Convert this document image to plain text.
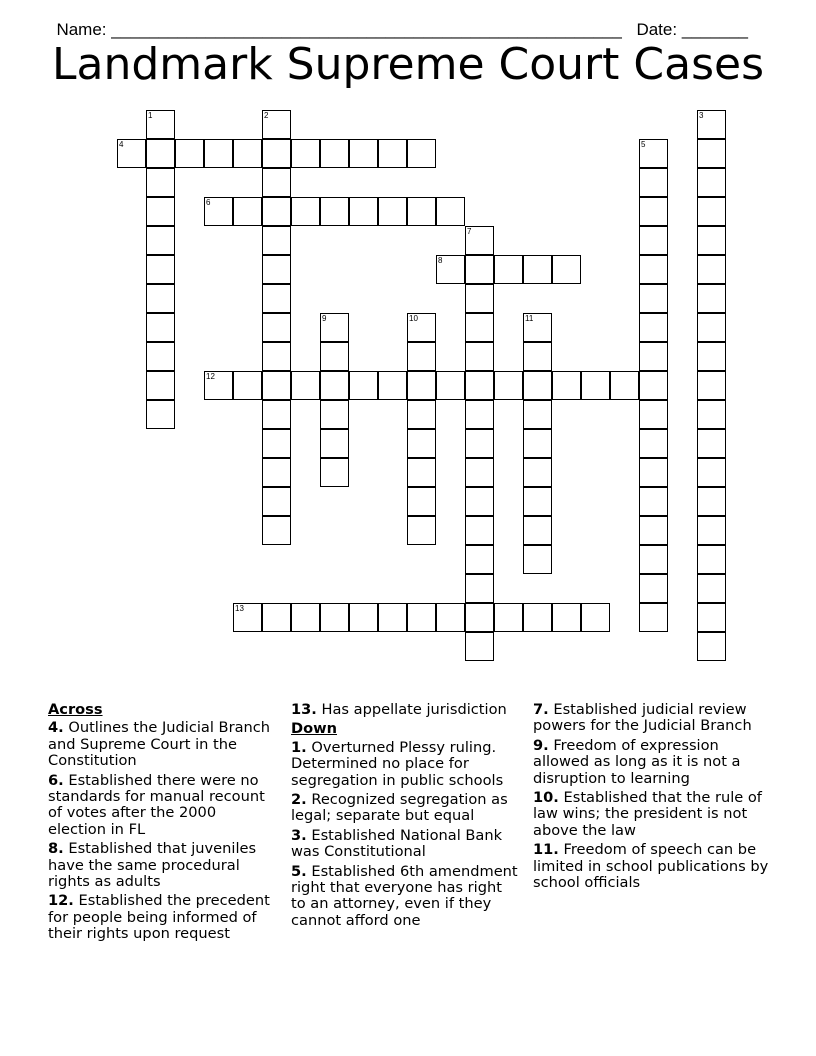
Name: ______________________________________________________ Date: _______

Landmark Supreme Court Cases
1	2	3
4	5
6
7
8
9	10	11
12
13
Across
4. Outlines the Judicial Branch and Supreme Court in the Constitution
6. Established there were no standards for manual recount of votes after the 2000 election in FL
8. Established that juveniles have the same procedural rights as adults
12. Established the precedent for people being informed of their rights upon request
13. Has appellate jurisdiction
Down
1. Overturned Plessy ruling. Determined no place for segregation in public schools
2. Recognized segregation as legal; separate but equal
3. Established National Bank was Constitutional
5. Established 6th amendment right that everyone has right to an attorney, even if they cannot afford one
7. Established judicial review powers for the Judicial Branch
9. Freedom of expression allowed as long as it is not a disruption to learning
10. Established that the rule of law wins; the president is not above the law
11. Freedom of speech can be limited in school publications by school officials
